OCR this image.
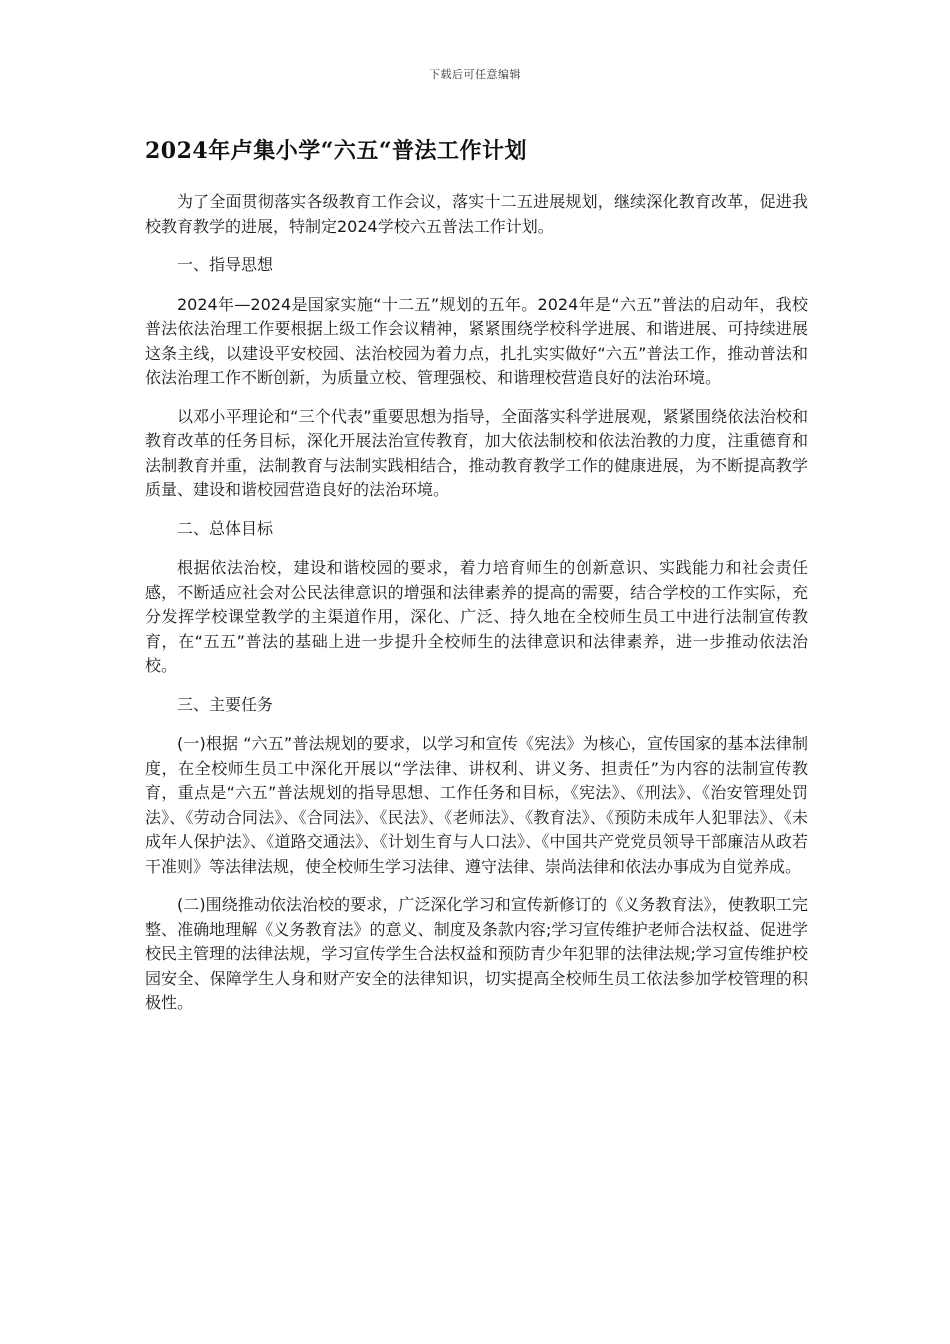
下载后可任意编辑
2024年卢集小学“六五“普法工作计划

为了全面贯彻落实各级教育工作会议，落实十二五进展规划，继续深化教育改革，促进我校教育教学的进展，特制定2024学校六五普法工作计划。

一、指导思想

2024年—2024是国家实施“十二五”规划的五年。2024年是“六五”普法的启动年，我校普法依法治理工作要根据上级工作会议精神，紧紧围绕学校科学进展、和谐进展、可持续进展这条主线，以建设平安校园、法治校园为着力点，扎扎实实做好“六五”普法工作，推动普法和依法治理工作不断创新，为质量立校、管理强校、和谐理校营造良好的法治环境。

以邓小平理论和“三个代表”重要思想为指导，全面落实科学进展观，紧紧围绕依法治校和教育改革的任务目标，深化开展法治宣传教育，加大依法制校和依法治教的力度，注重德育和法制教育并重，法制教育与法制实践相结合，推动教育教学工作的健康进展，为不断提高教学质量、建设和谐校园营造良好的法治环境。

二、总体目标

根据依法治校，建设和谐校园的要求，着力培育师生的创新意识、实践能力和社会责任感，不断适应社会对公民法律意识的增强和法律素养的提高的需要，结合学校的工作实际，充分发挥学校课堂教学的主渠道作用，深化、广泛、持久地在全校师生员工中进行法制宣传教育，在“五五”普法的基础上进一步提升全校师生的法律意识和法律素养，进一步推动依法治校。

三、主要任务

(一)根据 “六五”普法规划的要求，以学习和宣传《宪法》为核心，宣传国家的基本法律制度，在全校师生员工中深化开展以“学法律、讲权利、讲义务、担责任”为内容的法制宣传教育，重点是“六五”普法规划的指导思想、工作任务和目标，《宪法》、《刑法》、《治安管理处罚法》、《劳动合同法》、《合同法》、《民法》、《老师法》、《教育法》、《预防未成年人犯罪法》、《未成年人保护法》、《道路交通法》、《计划生育与人口法》、《中国共产党党员领导干部廉洁从政若干准则》等法律法规，使全校师生学习法律、遵守法律、崇尚法律和依法办事成为自觉养成。

(二)围绕推动依法治校的要求，广泛深化学习和宣传新修订的《义务教育法》，使教职工完整、准确地理解《义务教育法》的意义、制度及条款内容;学习宣传维护老师合法权益、促进学校民主管理的法律法规，学习宣传学生合法权益和预防青少年犯罪的法律法规;学习宣传维护校园安全、保障学生人身和财产安全的法律知识，切实提高全校师生员工依法参加学校管理的积极性。
